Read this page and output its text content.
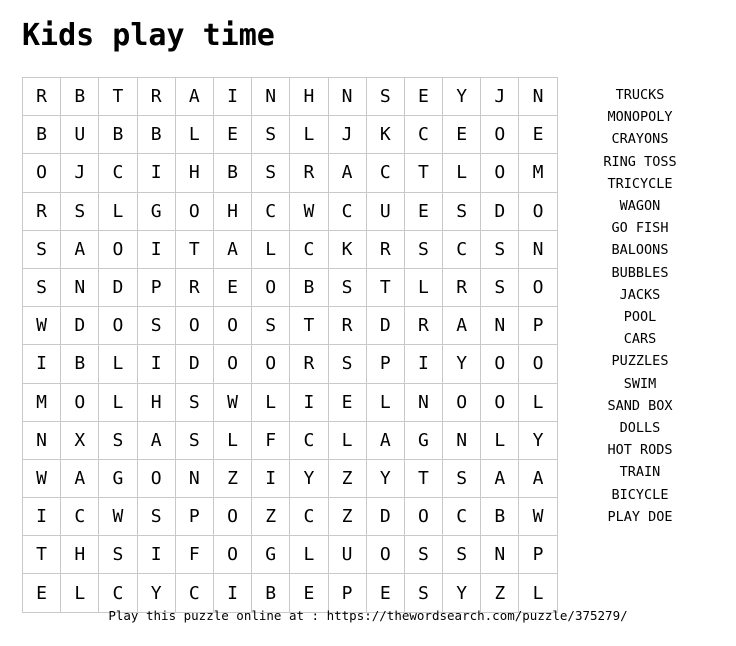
Kids play time
R	B	T	R	A	I	N	H	N	S	E	Y	J	N
B	U	B	B	L	E	S	L	J	K	C	E	O	E
O	J	C	I	H	B	S	R	A	C	T	L	O	M
R	S	L	G	O	H	C	W	C	U	E	S	D	O
S	A	O	I	T	A	L	C	K	R	S	C	S	N
S	N	D	P	R	E	O	B	S	T	L	R	S	O
W	D	O	S	O	O	S	T	R	D	R	A	N	P
I	B	L	I	D	O	O	R	S	P	I	Y	O	O
M	O	L	H	S	W	L	I	E	L	N	O	O	L
N	X	S	A	S	L	F	C	L	A	G	N	L	Y
W	A	G	O	N	Z	I	Y	Z	Y	T	S	A	A
I	C	W	S	P	O	Z	C	Z	D	O	C	B	W
T	H	S	I	F	O	G	L	U	O	S	S	N	P
E	L	C	Y	C	I	B	E	P	E	S	Y	Z	L
TRUCKS
MONOPOLY
CRAYONS
RING TOSS
TRICYCLE
WAGON
GO FISH
BALOONS
BUBBLES
JACKS
POOL
CARS
PUZZLES
SWIM
SAND BOX
DOLLS
HOT RODS
TRAIN
BICYCLE
PLAY DOE
Play this puzzle online at : https://thewordsearch.com/puzzle/375279/
